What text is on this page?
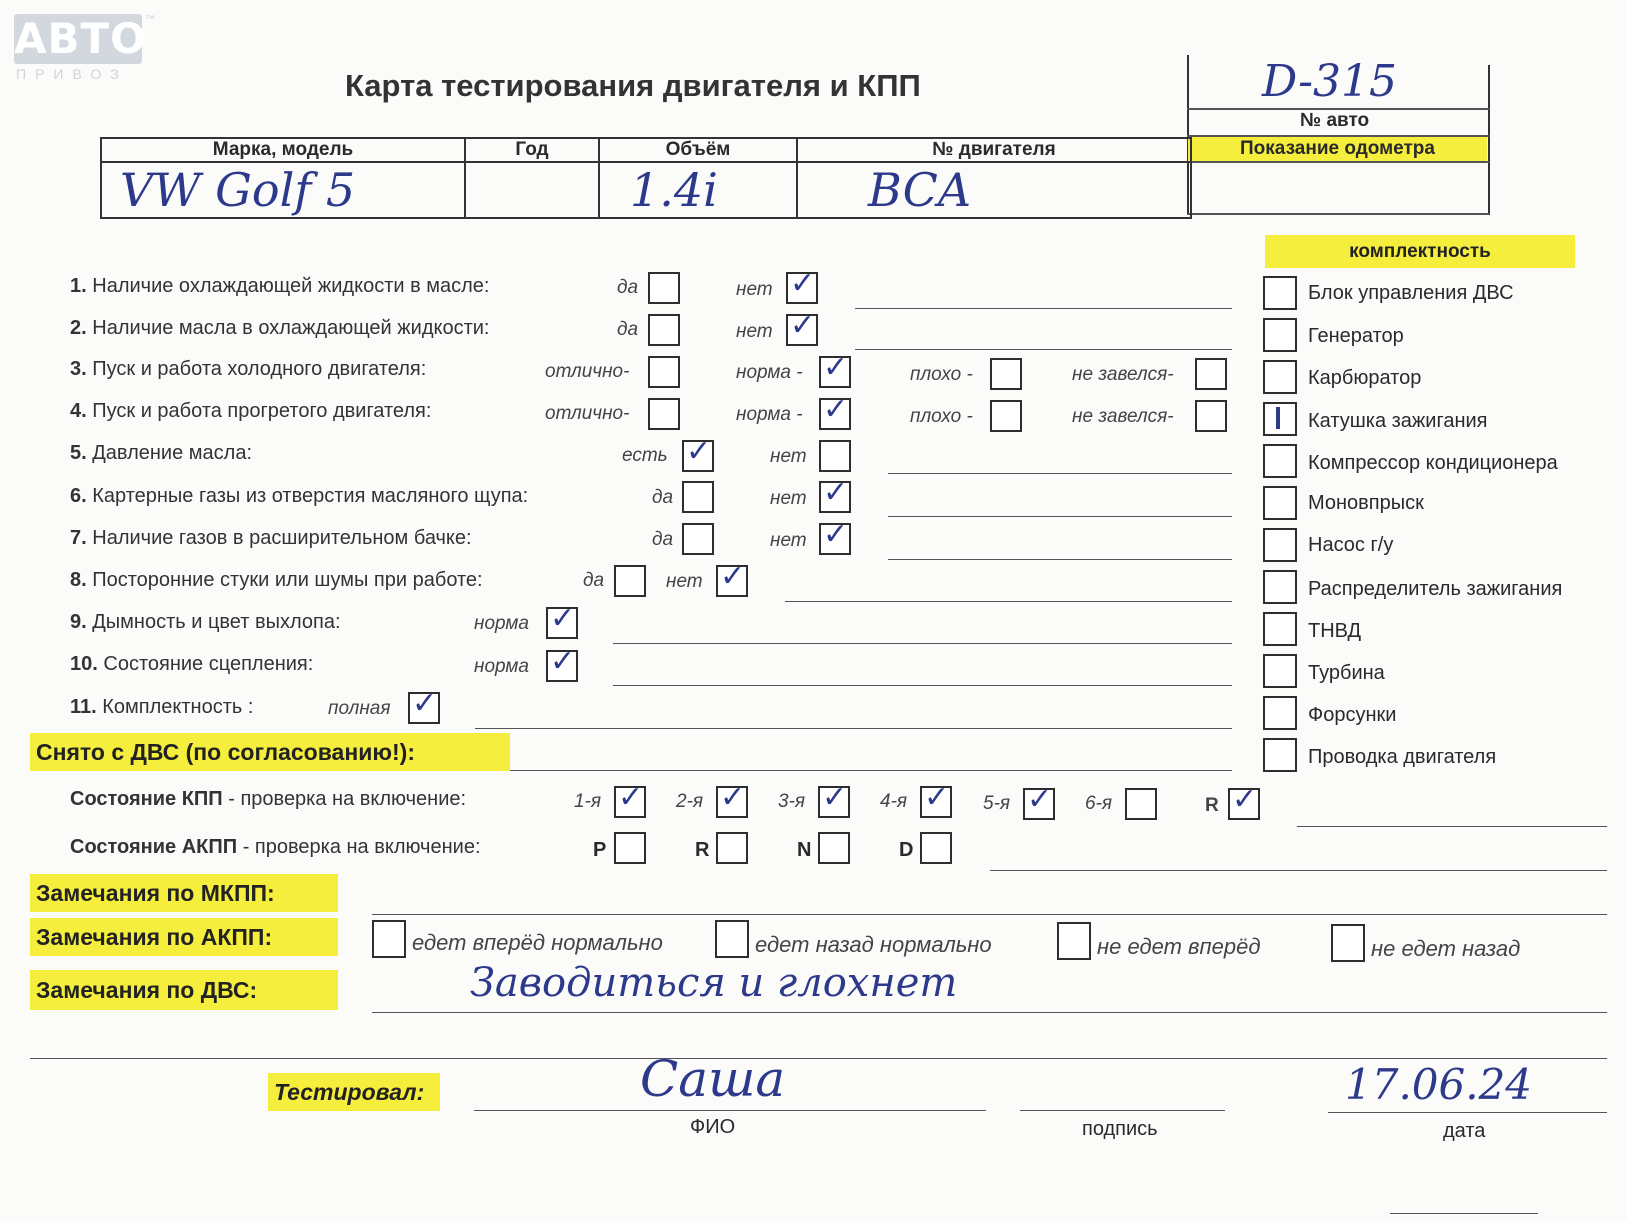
АВТО
ПРИВОЗ
™
Карта тестирования двигателя и КПП	D-315
№ авто
Показание одометра
Марка, модель	Год	Объём	№ двигателя
VW Golf 5		1.4i	BCA
1. Наличие охлаждающей жидкости в масле:	да	нет ✓
2. Наличие масла в охлаждающей жидкости:	да	нет ✓
3. Пуск и работа холодного двигателя:	отлично-	норма - ✓	плохо -	не завелся-
4. Пуск и работа прогретого двигателя:	отлично-	норма - ✓	плохо -	не завелся-
5. Давление масла:	есть ✓	нет
6. Картерные газы из отверстия масляного щупа:	да	нет ✓
7. Наличие газов в расширительном бачке:	да	нет ✓
8. Посторонние стуки или шумы при работе:	да	нет ✓
9. Дымность и цвет выхлопа:	норма ✓
10. Состояние сцепления:	норма ✓
11. Комплектность :	полная ✓
комплектность
Блок управления ДВС
Генератор
Карбюратор
Катушка зажигания
Компрессор кондиционера
Моновпрыск
Насос г/у
Распределитель зажигания
ТНВД
Турбина
Форсунки
Проводка двигателя
Снято с ДВС (по согласованию!):
Состояние КПП - проверка на включение:	1-я ✓ 2-я ✓ 3-я ✓ 4-я ✓ 5-я ✓ 6-я	R ✓
Состояние АКПП - проверка на включение:	P	R	N	D
Замечания по МКПП:
Замечания по АКПП:	едет вперёд нормально	едет назад нормально	не едет вперёд	не едет назад
Замечания по ДВС:	Заводиться и глохнет
Тестировал:	Саша
ФИО	подпись
17.06.24
дата
